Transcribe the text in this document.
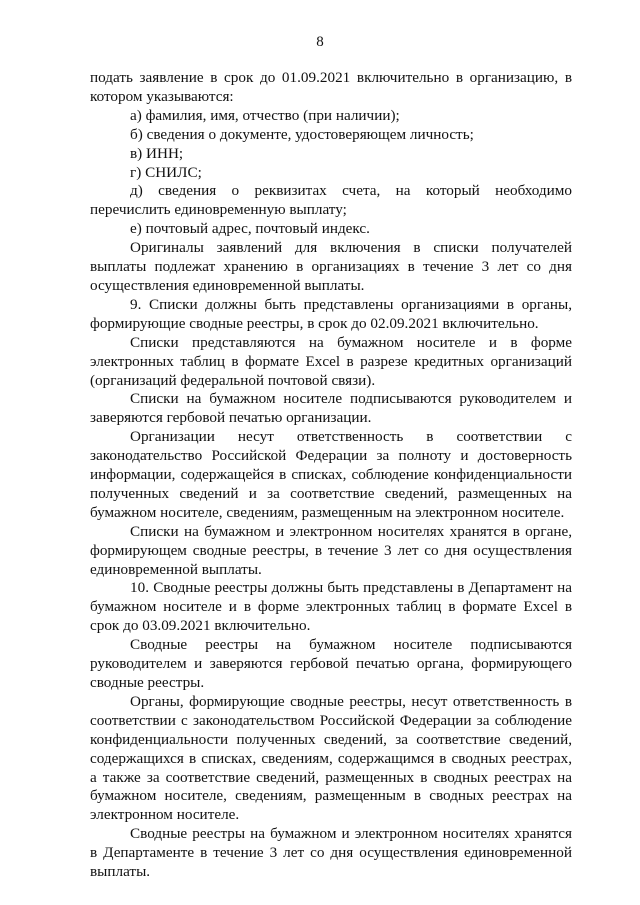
8

подать заявление в срок до 01.09.2021 включительно в организацию, в котором указываются:

а) фамилия, имя, отчество (при наличии);

б) сведения о документе, удостоверяющем личность;

в) ИНН;

г) СНИЛС;

д) сведения о реквизитах счета, на который необходимо перечислить единовременную выплату;

е) почтовый адрес, почтовый индекс.

Оригиналы заявлений для включения в списки получателей выплаты подлежат хранению в организациях в течение 3 лет со дня осуществления единовременной выплаты.

9. Списки должны быть представлены организациями в органы, формирующие сводные реестры, в срок до 02.09.2021 включительно.

Списки представляются на бумажном носителе и в форме электронных таблиц в формате Excel в разрезе кредитных организаций (организаций федеральной почтовой связи).

Списки на бумажном носителе подписываются руководителем и заверяются гербовой печатью организации.

Организации несут ответственность в соответствии с законодательство Российской Федерации за полноту и достоверность информации, содержащейся в списках, соблюдение конфиденциальности полученных сведений и за соответствие сведений, размещенных на бумажном носителе, сведениям, размещенным на электронном носителе.

Списки на бумажном и электронном носителях хранятся в органе, формирующем сводные реестры, в течение 3 лет со дня осуществления единовременной выплаты.

10. Сводные реестры должны быть представлены в Департамент на бумажном носителе и в форме электронных таблиц в формате Excel в срок до 03.09.2021 включительно.

Сводные реестры на бумажном носителе подписываются руководителем и заверяются гербовой печатью органа, формирующего сводные реестры.

Органы, формирующие сводные реестры, несут ответственность в соответствии с законодательством Российской Федерации за соблюдение конфиденциальности полученных сведений, за соответствие сведений, содержащихся в списках, сведениям, содержащимся в сводных реестрах, а также за соответствие сведений, размещенных в сводных реестрах на бумажном носителе, сведениям, размещенным в сводных реестрах на электронном носителе.

Сводные реестры на бумажном и электронном носителях хранятся в Департаменте в течение 3 лет со дня осуществления единовременной выплаты.
